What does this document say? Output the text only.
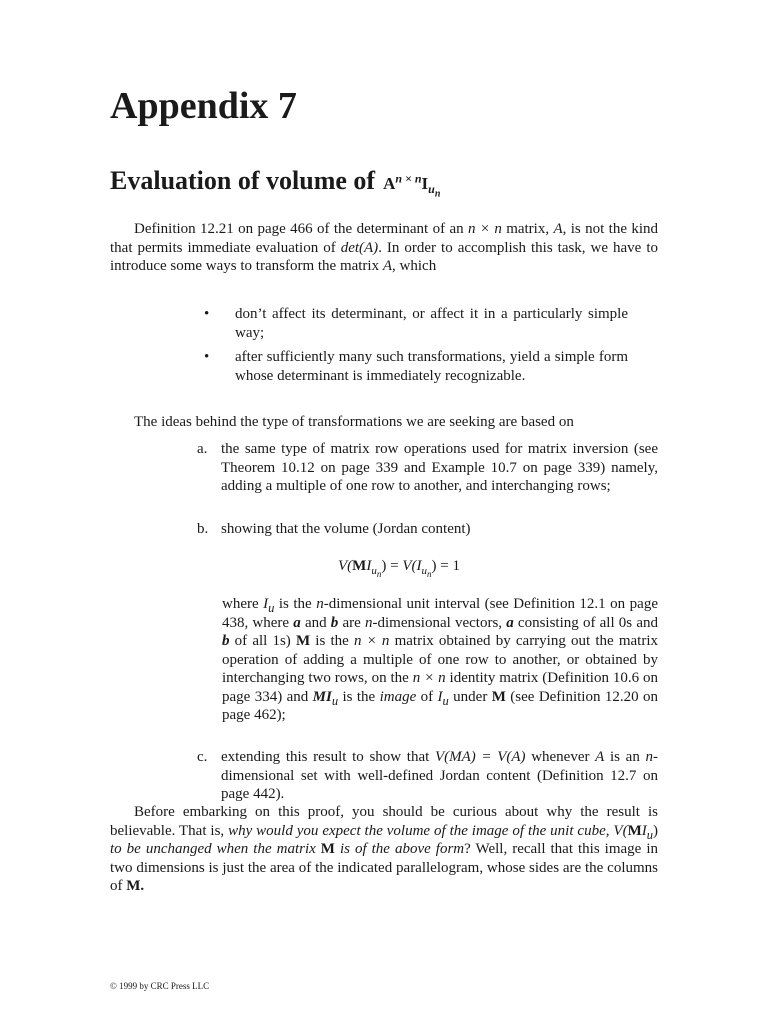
Appendix 7
Evaluation of volume of $A^{n \times n}I_{u_n}$

Definition 12.21 on page 466 of the determinant of an n × n matrix, A, is not the kind that permits immediate evaluation of det(A). In order to accomplish this task, we have to introduce some ways to transform the matrix A, which

• don’t affect its determinant, or affect it in a particularly simple way;
• after sufficiently many such transformations, yield a simple form whose determinant is immediately recognizable.

The ideas behind the type of transformations we are seeking are based on

a. the same type of matrix row operations used for matrix inversion (see Theorem 10.12 on page 339 and Example 10.7 on page 339) namely, adding a multiple of one row to another, and interchanging rows;
b. showing that the volume (Jordan content)
$V(MI_{u_n}) = V(I_{u_n}) = 1$

where $I_u$ is the n-dimensional unit interval (see Definition 12.1 on page 438, where a and b are n-dimensional vectors, a consisting of all 0s and b of all 1s) M is the n × n matrix obtained by carrying out the matrix operation of adding a multiple of one row to another, or obtained by interchanging two rows, on the n × n identity matrix (Definition 10.6 on page 334) and $MI_u$ is the image of $I_u$ under M (see Definition 12.20 on page 462);

c. extending this result to show that V(MA) = V(A) whenever A is an n-dimensional set with well-defined Jordan content (Definition 12.7 on page 442).

Before embarking on this proof, you should be curious about why the result is believable. That is, why would you expect the volume of the image of the unit cube, $V(MI_u)$ to be unchanged when the matrix M is of the above form? Well, recall that this image in two dimensions is just the area of the indicated parallelogram, whose sides are the columns of M.

© 1999 by CRC Press LLC
